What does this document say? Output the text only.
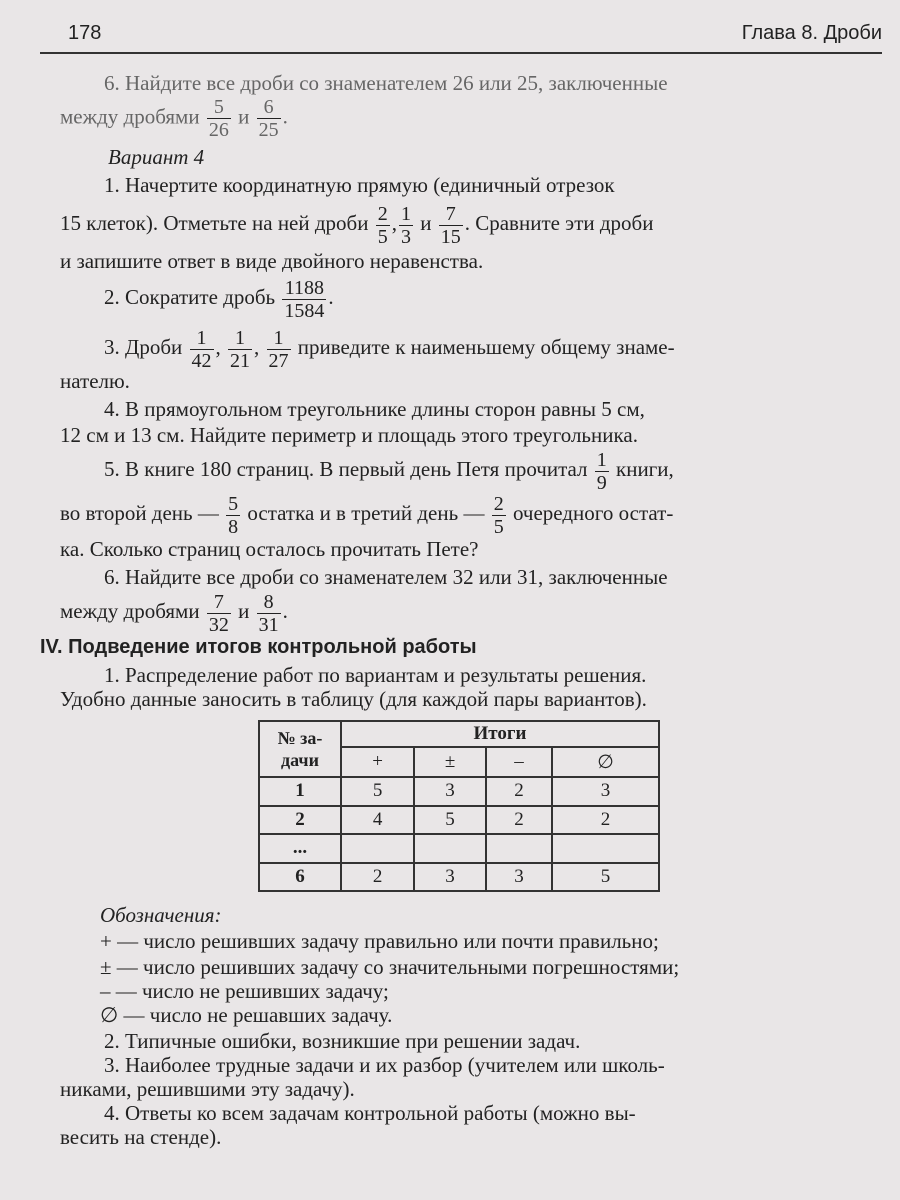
178	Глава 8. Дроби
6. Найдите все дроби со знаменателем 26 или 25, заключенные
между дробями $\frac{5}{26}$ и $\frac{6}{25}$ .
Вариант 4
1. Начертите координатную прямую (единичный отрезок
15 клеток). Отметьте на ней дроби $\frac{2}{5}$ , $\frac{1}{3}$ и $\frac{7}{15}$ . Сравните эти дроби
и запишите ответ в виде двойного неравенства.
2. Сократите дробь $\frac{1188}{1584}$ .
3. Дроби $\frac{1}{42}$ , $\frac{1}{21}$ , $\frac{1}{27}$ приведите к наименьшему общему знаме-
нателю.
4. В прямоугольном треугольнике длины сторон равны 5 см,
12 см и 13 см. Найдите периметр и площадь этого треугольника.
5. В книге 180 страниц. В первый день Петя прочитал $\frac{1}{9}$ книги,
во второй день — $\frac{5}{8}$ остатка и в третий день — $\frac{2}{5}$ очередного остат-
ка. Сколько страниц осталось прочитать Пете?
6. Найдите все дроби со знаменателем 32 или 31, заключенные
между дробями $\frac{7}{32}$ и $\frac{8}{31}$ .
IV. Подведение итогов контрольной работы
1. Распределение работ по вариантам и результаты решения.
Удобно данные заносить в таблицу (для каждой пары вариантов).
№ за- дачи	Итоги			
	+	±	–	∅
1	5	3	2	3
2	4	5	2	2
...				
6	2	3	3	5
Обозначения:
+ — число решивших задачу правильно или почти правильно;
± — число решивших задачу со значительными погрешностями;
– — число не решивших задачу;
∅ — число не решавших задачу.
2. Типичные ошибки, возникшие при решении задач.
3. Наиболее трудные задачи и их разбор (учителем или школь-
никами, решившими эту задачу).
4. Ответы ко всем задачам контрольной работы (можно вы-
весить на стенде).
